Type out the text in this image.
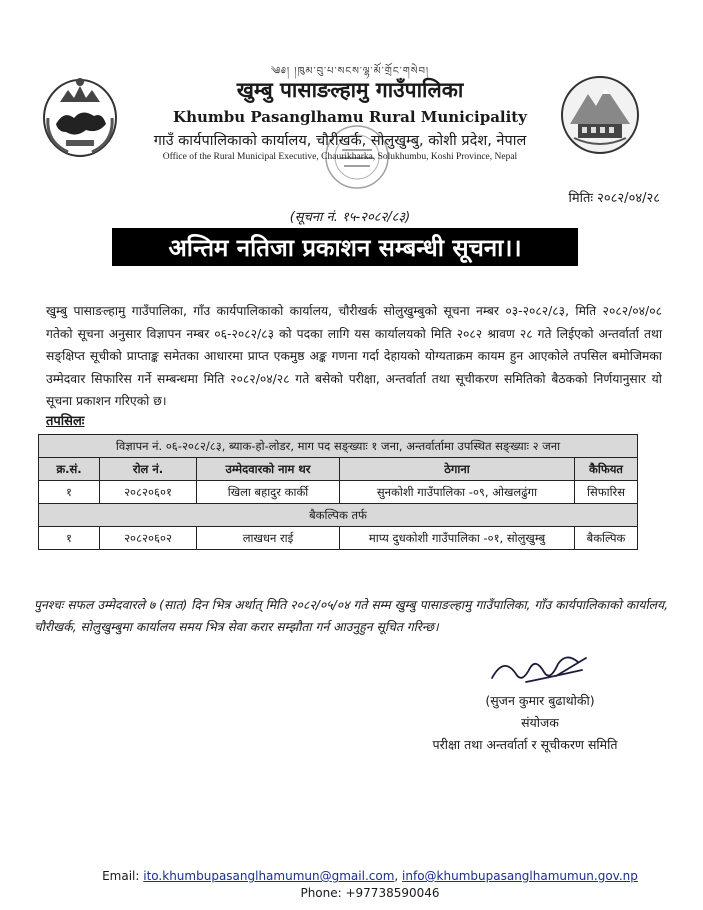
༄༅། །ཁུམ་བུ་པ་སངས་ལྷ་མོ་གྲོང་གསེབ།
खुम्बु पासाङल्हामु गाउँपालिका
Khumbu Pasanglhamu Rural Municipality
गाउँ कार्यपालिकाको कार्यालय, चौरीखर्क, सोलुखुम्बु, कोशी प्रदेश, नेपाल
Office of the Rural Municipal Executive, Chaurikharka, Solukhumbu, Koshi Province, Nepal
मितिः २०८२/०४/२८
(सूचना नं. १५-२०८२/८३)
अन्तिम नतिजा प्रकाशन सम्बन्धी सूचना।।
खुम्बु पासाङल्हामु गाउँपालिका, गाँउ कार्यपालिकाको कार्यालय, चौरीखर्क सोलुखुम्बुको सूचना नम्बर ०३-२०८२/८३, मिति २०८२/०४/०८ गतेको सूचना अनुसार विज्ञापन नम्बर ०६-२०८२/८३ को पदका लागि यस कार्यालयको मिति २०८२ श्रावण २८ गते लिईएको अन्तर्वार्ता तथा सङ्क्षिप्त सूचीको प्राप्ताङ्क समेतका आधारमा प्राप्त एकमुष्ठ अङ्क गणना गर्दा देहायको योग्यताक्रम कायम हुन आएकोले तपसिल बमोजिमका उम्मेदवार सिफारिस गर्ने सम्बन्धमा मिति २०८२/०४/२८ गते बसेको परीक्षा, अन्तर्वार्ता तथा सूचीकरण समितिको बैठकको निर्णयानुसार यो सूचना प्रकाशन गरिएको छ।
तपसिलः
विज्ञापन नं. ०६-२०८२/८३, ब्याक-हो-लोडर, माग पद सङ्ख्याः १ जना, अन्तर्वार्तामा उपस्थित सङ्ख्याः २ जना				
क्र.सं.	रोल नं.	उम्मेदवारको नाम थर	ठेगाना	कैफियत
१	२०८२०६०१	खिला बहादुर कार्की	सुनकोशी गाउँपालिका -०९, ओखलढुंगा	सिफारिस
बैकल्पिक तर्फ				
१	२०८२०६०२	लाखधन राई	माप्य दुधकोशी गाउँपालिका -०१, सोलुखुम्बु	बैकल्पिक
पुनश्चः सफल उम्मेदवारले ७ (सात) दिन भित्र अर्थात् मिति २०८२/०५/०४ गते सम्म खुम्बु पासाङल्हामु गाउँपालिका, गाँउ कार्यपालिकाको कार्यालय, चौरीखर्क, सोलुखुम्बुमा कार्यालय समय भित्र सेवा करार सम्झौता गर्न आउनुहुन सूचित गरिन्छ।
(सुजन कुमार बुढाथोकी)
संयोजक
परीक्षा तथा अन्तर्वार्ता र सूचीकरण समिति
Email: ito.khumbupasanglhamumun@gmail.com, info@khumbupasanglhamumun.gov.np
Phone: +97738590046
